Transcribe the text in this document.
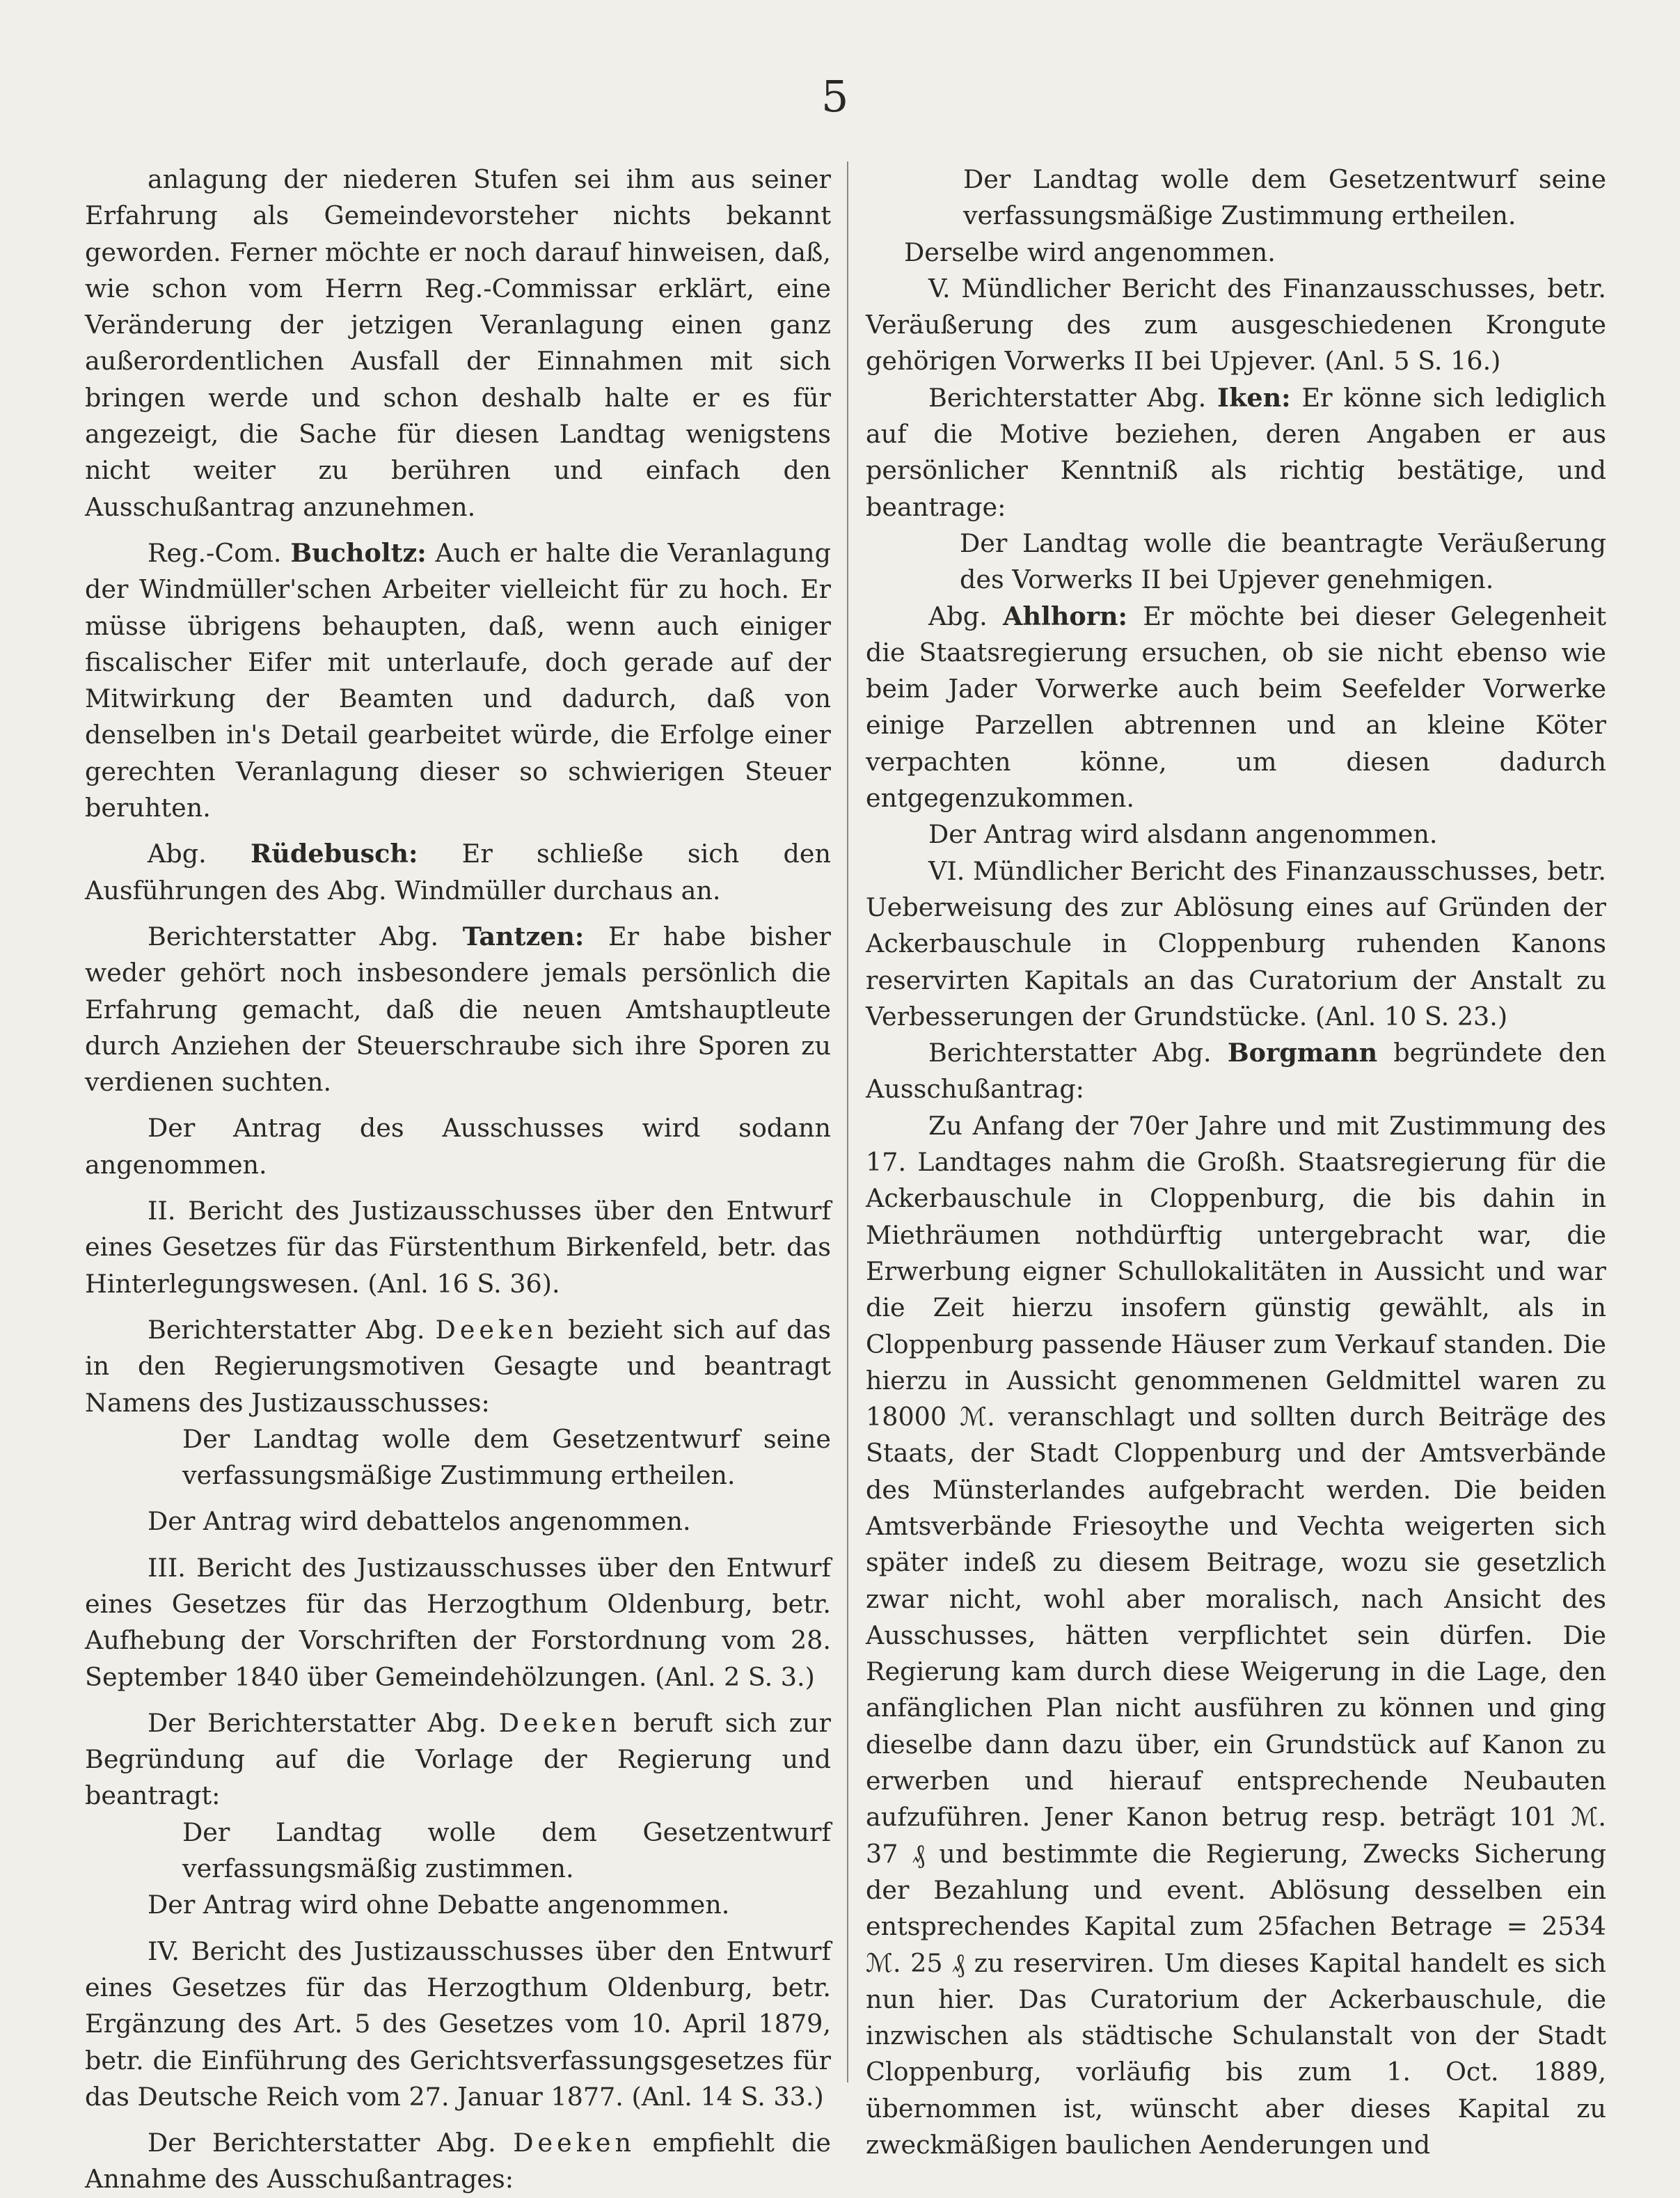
5

anlagung der niederen Stufen sei ihm aus seiner Erfahrung als Gemeindevorsteher nichts bekannt geworden. Ferner möchte er noch darauf hinweisen, daß, wie schon vom Herrn Reg.-Commissar erklärt, eine Veränderung der jetzigen Veranlagung einen ganz außerordentlichen Ausfall der Einnahmen mit sich bringen werde und schon deshalb halte er es für angezeigt, die Sache für diesen Landtag wenigstens nicht weiter zu berühren und einfach den Ausschußantrag anzunehmen.

Reg.-Com. Bucholtz: Auch er halte die Veranlagung der Windmüller'schen Arbeiter vielleicht für zu hoch. Er müsse übrigens behaupten, daß, wenn auch einiger fiscalischer Eifer mit unterlaufe, doch gerade auf der Mitwirkung der Beamten und dadurch, daß von denselben in's Detail gearbeitet würde, die Erfolge einer gerechten Veranlagung dieser so schwierigen Steuer beruhten.

Abg. Rüdebusch: Er schließe sich den Ausführungen des Abg. Windmüller durchaus an.

Berichterstatter Abg. Tantzen: Er habe bisher weder gehört noch insbesondere jemals persönlich die Erfahrung gemacht, daß die neuen Amtshauptleute durch Anziehen der Steuerschraube sich ihre Sporen zu verdienen suchten.

Der Antrag des Ausschusses wird sodann angenommen.

II. Bericht des Justizausschusses über den Entwurf eines Gesetzes für das Fürstenthum Birkenfeld, betr. das Hinterlegungswesen. (Anl. 16 S. 36).

Berichterstatter Abg. Deeken bezieht sich auf das in den Regierungsmotiven Gesagte und beantragt Namens des Justizausschusses:

Der Landtag wolle dem Gesetzentwurf seine verfassungsmäßige Zustimmung ertheilen.

Der Antrag wird debattelos angenommen.

III. Bericht des Justizausschusses über den Entwurf eines Gesetzes für das Herzogthum Oldenburg, betr. Aufhebung der Vorschriften der Forstordnung vom 28. September 1840 über Gemeindehölzungen. (Anl. 2 S. 3.)

Der Berichterstatter Abg. Deeken beruft sich zur Begründung auf die Vorlage der Regierung und beantragt:

Der Landtag wolle dem Gesetzentwurf verfassungsmäßig zustimmen.

Der Antrag wird ohne Debatte angenommen.

IV. Bericht des Justizausschusses über den Entwurf eines Gesetzes für das Herzogthum Oldenburg, betr. Ergänzung des Art. 5 des Gesetzes vom 10. April 1879, betr. die Einführung des Gerichtsverfassungsgesetzes für das Deutsche Reich vom 27. Januar 1877. (Anl. 14 S. 33.)

Der Berichterstatter Abg. Deeken empfiehlt die Annahme des Ausschußantrages:

Der Landtag wolle dem Gesetzentwurf seine verfassungsmäßige Zustimmung ertheilen.

Derselbe wird angenommen.

V. Mündlicher Bericht des Finanzausschusses, betr. Veräußerung des zum ausgeschiedenen Krongute gehörigen Vorwerks II bei Upjever. (Anl. 5 S. 16.)

Berichterstatter Abg. Iken: Er könne sich lediglich auf die Motive beziehen, deren Angaben er aus persönlicher Kenntniß als richtig bestätige, und beantrage:

Der Landtag wolle die beantragte Veräußerung des Vorwerks II bei Upjever genehmigen.

Abg. Ahlhorn: Er möchte bei dieser Gelegenheit die Staatsregierung ersuchen, ob sie nicht ebenso wie beim Jader Vorwerke auch beim Seefelder Vorwerke einige Parzellen abtrennen und an kleine Köter verpachten könne, um diesen dadurch entgegenzukommen.

Der Antrag wird alsdann angenommen.

VI. Mündlicher Bericht des Finanzausschusses, betr. Ueberweisung des zur Ablösung eines auf Gründen der Ackerbauschule in Cloppenburg ruhenden Kanons reservirten Kapitals an das Curatorium der Anstalt zu Verbesserungen der Grundstücke. (Anl. 10 S. 23.)

Berichterstatter Abg. Borgmann begründete den Ausschußantrag:

Zu Anfang der 70er Jahre und mit Zustimmung des 17. Landtages nahm die Großh. Staatsregierung für die Ackerbauschule in Cloppenburg, die bis dahin in Miethräumen nothdürftig untergebracht war, die Erwerbung eigner Schullokalitäten in Aussicht und war die Zeit hierzu insofern günstig gewählt, als in Cloppenburg passende Häuser zum Verkauf standen. Die hierzu in Aussicht genommenen Geldmittel waren zu 18000 ℳ. veranschlagt und sollten durch Beiträge des Staats, der Stadt Cloppenburg und der Amtsverbände des Münsterlandes aufgebracht werden. Die beiden Amtsverbände Friesoythe und Vechta weigerten sich später indeß zu diesem Beitrage, wozu sie gesetzlich zwar nicht, wohl aber moralisch, nach Ansicht des Ausschusses, hätten verpflichtet sein dürfen. Die Regierung kam durch diese Weigerung in die Lage, den anfänglichen Plan nicht ausführen zu können und ging dieselbe dann dazu über, ein Grundstück auf Kanon zu erwerben und hierauf entsprechende Neubauten aufzuführen. Jener Kanon betrug resp. beträgt 101 ℳ. 37 ₰ und bestimmte die Regierung, Zwecks Sicherung der Bezahlung und event. Ablösung desselben ein entsprechendes Kapital zum 25fachen Betrage = 2534 ℳ. 25 ₰ zu reserviren. Um dieses Kapital handelt es sich nun hier. Das Curatorium der Ackerbauschule, die inzwischen als städtische Schulanstalt von der Stadt Cloppenburg, vorläufig bis zum 1. Oct. 1889, übernommen ist, wünscht aber dieses Kapital zu zweckmäßigen baulichen Aenderungen und
